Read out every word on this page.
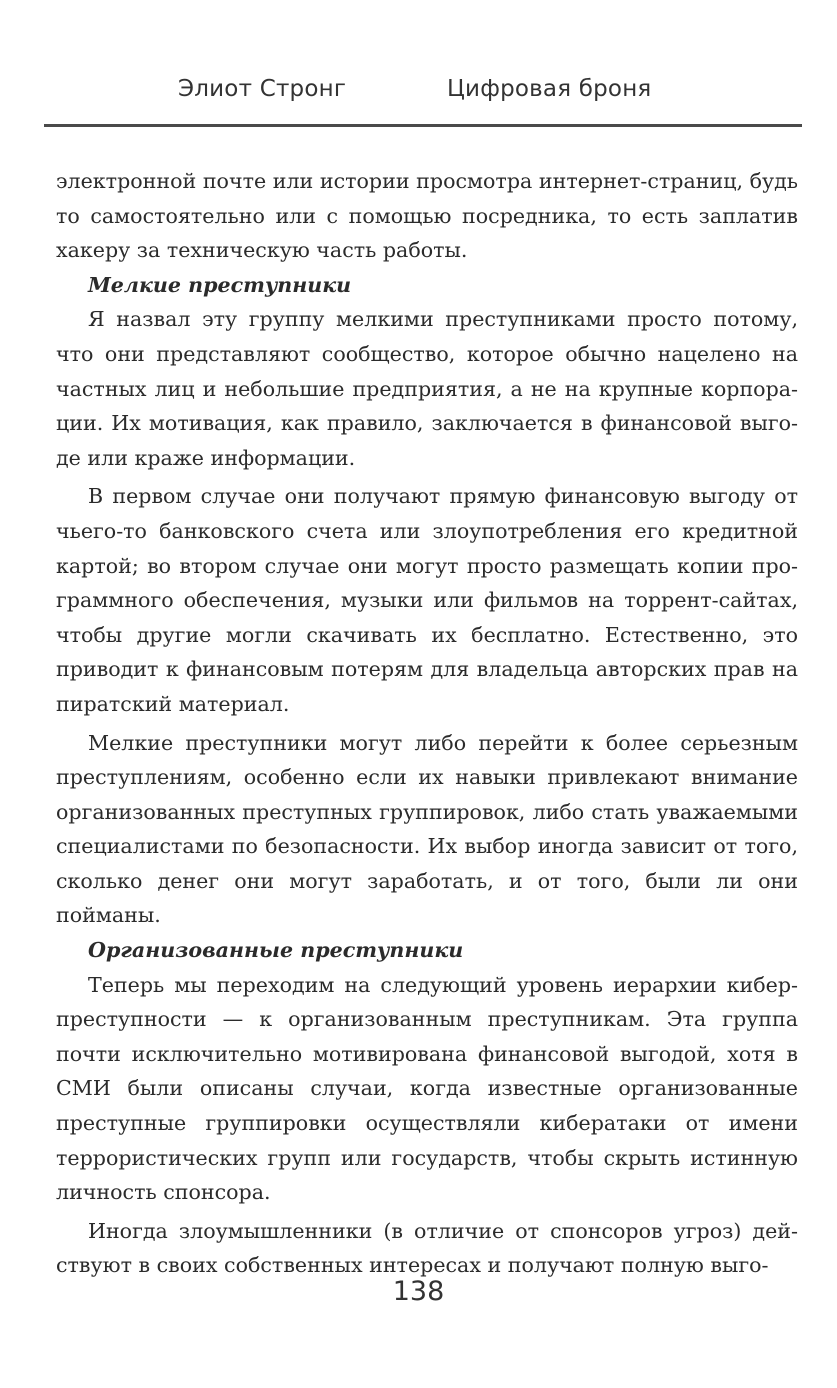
Элиот Стронг	Цифровая броня

электронной почте или истории просмотра интернет-страниц, будь то самостоятельно или с помощью посредника, то есть заплатив хакеру за техническую часть работы.

Мелкие преступники

Я назвал эту группу мелкими преступниками просто потому, что они представляют сообщество, которое обычно нацелено на частных лиц и небольшие предприятия, а не на крупные корпорации. Их мотивация, как правило, заключается в финансовой выгоде или краже информации.

В первом случае они получают прямую финансовую выгоду от чьего-то банковского счета или злоупотребления его кредитной картой; во втором случае они могут просто размещать копии программного обеспечения, музыки или фильмов на торрент-сайтах, чтобы другие могли скачивать их бесплатно. Естественно, это приводит к финансовым потерям для владельца авторских прав на пиратский материал.

Мелкие преступники могут либо перейти к более серьезным преступлениям, особенно если их навыки привлекают внимание организованных преступных группировок, либо стать уважаемыми специалистами по безопасности. Их выбор иногда зависит от того, сколько денег они могут заработать, и от того, были ли они пойманы.

Организованные преступники

Теперь мы переходим на следующий уровень иерархии киберпреступности — к организованным преступникам. Эта группа почти исключительно мотивирована финансовой выгодой, хотя в СМИ были описаны случаи, когда известные организованные преступные группировки осуществляли кибератаки от имени террористических групп или государств, чтобы скрыть истинную личность спонсора.

Иногда злоумышленники (в отличие от спонсоров угроз) действуют в своих собственных интересах и получают полную выго-

138
